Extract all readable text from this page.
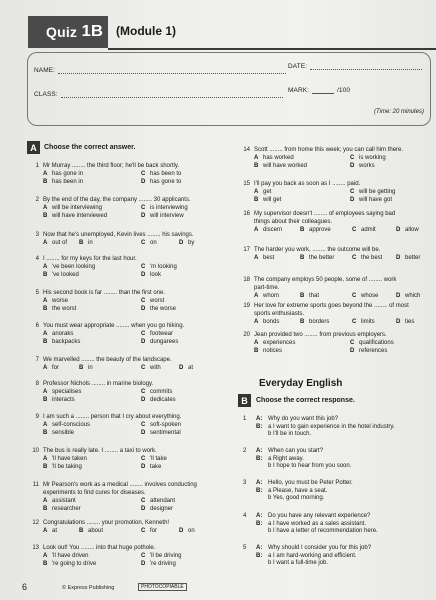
Quiz 1B (Module 1)
NAME:
DATE:
CLASS:
MARK:	/100
(Time: 20 minutes)
A	Choose the correct answer.
Everyday English
B	Choose the correct response.
6	© Express Publishing	PHOTOCOPIABLE
1 Mr Murray ........ the third floor; he'll be back shortly.
A has gone in	C has been to
B has been in	D has gone to
2 By the end of the day, the company ........ 30 applicants.
A will be interviewing	C is interviewing
B will have interviewed	D will interview
3 Now that he's unemployed, Kevin lives ........ his savings.
A out of B in	C on	D by
4 I ........ for my keys for the last hour.
A 've been looking	C 'm looking
B 've looked	D look
5 His second book is far ........ than the first one.
A worse	C worst
B the worst	D the worse
6 You must wear appropriate ........ when you go hiking.
A anoraks	C footwear
B backpacks	D dungarees
7 We marvelled ........ the beauty of the landscape.
A for	B in	C with	D at
8 Professor Nichols ........ in marine biology.
A specialises	C commits
B interacts	D dedicates
9 I am such a ........ person that I cry about everything.
A self-conscious	C soft-spoken
B sensible	D sentimental
10 The bus is really late. I ........ a taxi to work.
A 'll have taken	C 'll take
B 'll be taking	D take
11 Mr Pearson's work as a medical ........ involves conducting
experiments to find cures for diseases.
A assistant	C attendant
B researcher	D designer
12 Congratulations ........ your promotion, Kenneth!
A at	B about	C for	D on
13 Look out! You ........ into that huge pothole.
A 'll have driven	C 'll be driving
B 're going to drive	D 're driving
14 Scott ........ from home this week; you can call him there.
A has worked	C is working
B will have worked	D works
15 I'll pay you back as soon as I ........ paid.
A get	C will be getting
B will get	D will have got
16 My supervisor doesn't ........ of employees saying bad
things about their colleagues.
A discern	B approve	C admit	D allow
17 The harder you work, ........ the outcome will be.
A best	B the better	C the best D better
18 The company employs 50 people, some of ........ work
part-time.
A whom	B that	C whose	D which
19 Her love for extreme sports goes beyond the ........ of most
sports enthusiasts.
A bonds	B borders	C limits	D ties
20 Jean provided two ........ from previous employers.
A experiences	C qualifications
B notices	D references
1 A: Why do you want this job?
B: a I want to gain experience in the hotel industry.
b I'll be in touch.
2 A: When can you start?
B: a Right away.
b I hope to hear from you soon.
3 A: Hello, you must be Peter Potter.
B: a Please, have a seat.
b Yes, good morning.
4 A: Do you have any relevant experience?
B: a I have worked as a sales assistant.
b I have a letter of recommendation here.
5 A: Why should I consider you for this job?
B: a I am hard-working and efficient.
b I want a full-time job.
